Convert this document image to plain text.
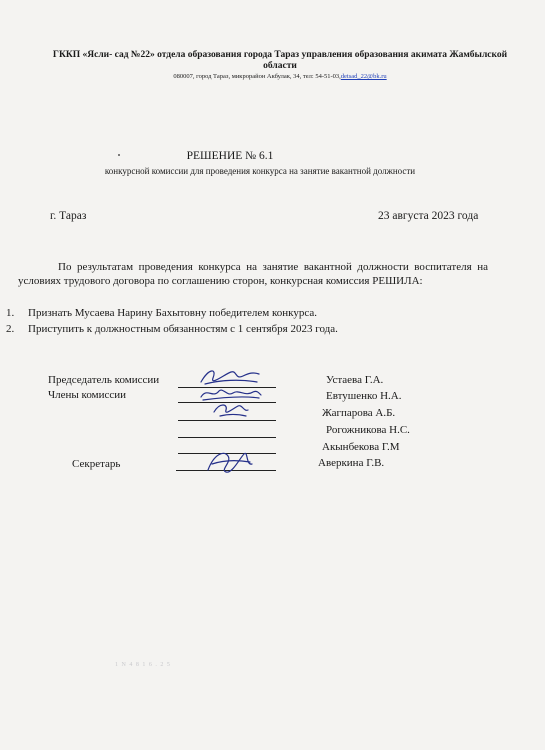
ГККП «Ясли- сад №22» отдела образования города Тараз управления образования акимата Жамбылской области
080007, город Тараз, микрорайон Акбулак, 34, тел: 54-51-03,detsad_22@bk.ru
РЕШЕНИЕ № 6.1
конкурсной комиссии для проведения конкурса на занятие вакантной должности
г. Тараз	23 августа 2023 года
По результатам проведения конкурса на занятие вакантной должности воспитателя на условиях трудового договора по соглашению сторон, конкурсная комиссия РЕШИЛА:
1. Признать Мусаева Нарину Бахытовну победителем конкурса.
2. Приступить к должностным обязанностям с 1 сентября 2023 года.
Председатель комиссии
Члены комиссии
Секретарь
Устаева Г.А.
Евтушенко Н.А.
Жагпарова А.Б.
Рогожникова Н.С.
Акынбекова Г.М
Аверкина Г.В.
1 N 4 8 1 6 . 2 5
